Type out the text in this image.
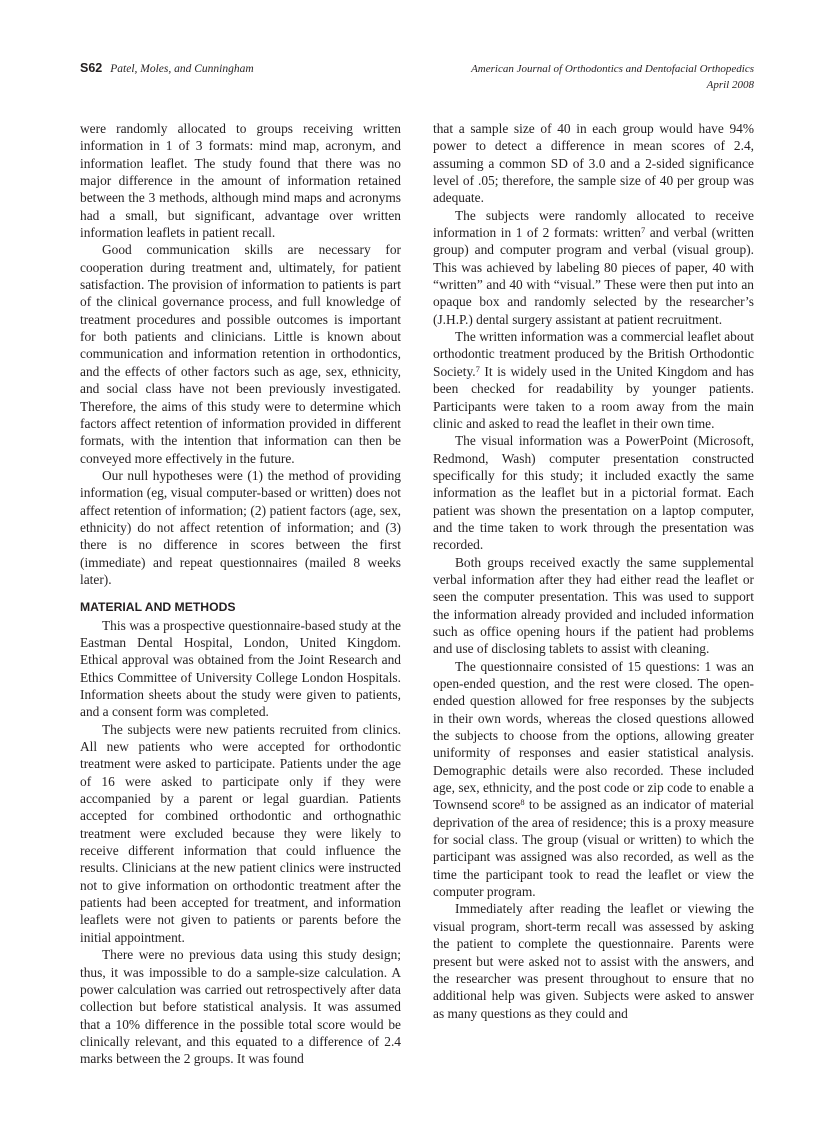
S62 Patel, Moles, and Cunningham	American Journal of Orthodontics and Dentofacial Orthopedics
April 2008

were randomly allocated to groups receiving written information in 1 of 3 formats: mind map, acronym, and information leaflet. The study found that there was no major difference in the amount of information retained between the 3 methods, although mind maps and acronyms had a small, but significant, advantage over written information leaflets in patient recall.

Good communication skills are necessary for cooperation during treatment and, ultimately, for patient satisfaction. The provision of information to patients is part of the clinical governance process, and full knowledge of treatment procedures and possible outcomes is important for both patients and clinicians. Little is known about communication and information retention in orthodontics, and the effects of other factors such as age, sex, ethnicity, and social class have not been previously investigated. Therefore, the aims of this study were to determine which factors affect retention of information provided in different formats, with the intention that information can then be conveyed more effectively in the future.

Our null hypotheses were (1) the method of providing information (eg, visual computer-based or written) does not affect retention of information; (2) patient factors (age, sex, ethnicity) do not affect retention of information; and (3) there is no difference in scores between the first (immediate) and repeat questionnaires (mailed 8 weeks later).

MATERIAL AND METHODS

This was a prospective questionnaire-based study at the Eastman Dental Hospital, London, United Kingdom. Ethical approval was obtained from the Joint Research and Ethics Committee of University College London Hospitals. Information sheets about the study were given to patients, and a consent form was completed.

The subjects were new patients recruited from clinics. All new patients who were accepted for orthodontic treatment were asked to participate. Patients under the age of 16 were asked to participate only if they were accompanied by a parent or legal guardian. Patients accepted for combined orthodontic and orthognathic treatment were excluded because they were likely to receive different information that could influence the results. Clinicians at the new patient clinics were instructed not to give information on orthodontic treatment after the patients had been accepted for treatment, and information leaflets were not given to patients or parents before the initial appointment.

There were no previous data using this study design; thus, it was impossible to do a sample-size calculation. A power calculation was carried out retrospectively after data collection but before statistical analysis. It was assumed that a 10% difference in the possible total score would be clinically relevant, and this equated to a difference of 2.4 marks between the 2 groups. It was found

that a sample size of 40 in each group would have 94% power to detect a difference in mean scores of 2.4, assuming a common SD of 3.0 and a 2-sided significance level of .05; therefore, the sample size of 40 per group was adequate.

The subjects were randomly allocated to receive information in 1 of 2 formats: written$^7$ and verbal (written group) and computer program and verbal (visual group). This was achieved by labeling 80 pieces of paper, 40 with “written” and 40 with “visual.” These were then put into an opaque box and randomly selected by the researcher’s (J.H.P.) dental surgery assistant at patient recruitment.

The written information was a commercial leaflet about orthodontic treatment produced by the British Orthodontic Society.$^7$ It is widely used in the United Kingdom and has been checked for readability by younger patients. Participants were taken to a room away from the main clinic and asked to read the leaflet in their own time.

The visual information was a PowerPoint (Microsoft, Redmond, Wash) computer presentation constructed specifically for this study; it included exactly the same information as the leaflet but in a pictorial format. Each patient was shown the presentation on a laptop computer, and the time taken to work through the presentation was recorded.

Both groups received exactly the same supplemental verbal information after they had either read the leaflet or seen the computer presentation. This was used to support the information already provided and included information such as office opening hours if the patient had problems and use of disclosing tablets to assist with cleaning.

The questionnaire consisted of 15 questions: 1 was an open-ended question, and the rest were closed. The open-ended question allowed for free responses by the subjects in their own words, whereas the closed questions allowed the subjects to choose from the options, allowing greater uniformity of responses and easier statistical analysis. Demographic details were also recorded. These included age, sex, ethnicity, and the post code or zip code to enable a Townsend score$^8$ to be assigned as an indicator of material deprivation of the area of residence; this is a proxy measure for social class. The group (visual or written) to which the participant was assigned was also recorded, as well as the time the participant took to read the leaflet or view the computer program.

Immediately after reading the leaflet or viewing the visual program, short-term recall was assessed by asking the patient to complete the questionnaire. Parents were present but were asked not to assist with the answers, and the researcher was present throughout to ensure that no additional help was given. Subjects were asked to answer as many questions as they could and
